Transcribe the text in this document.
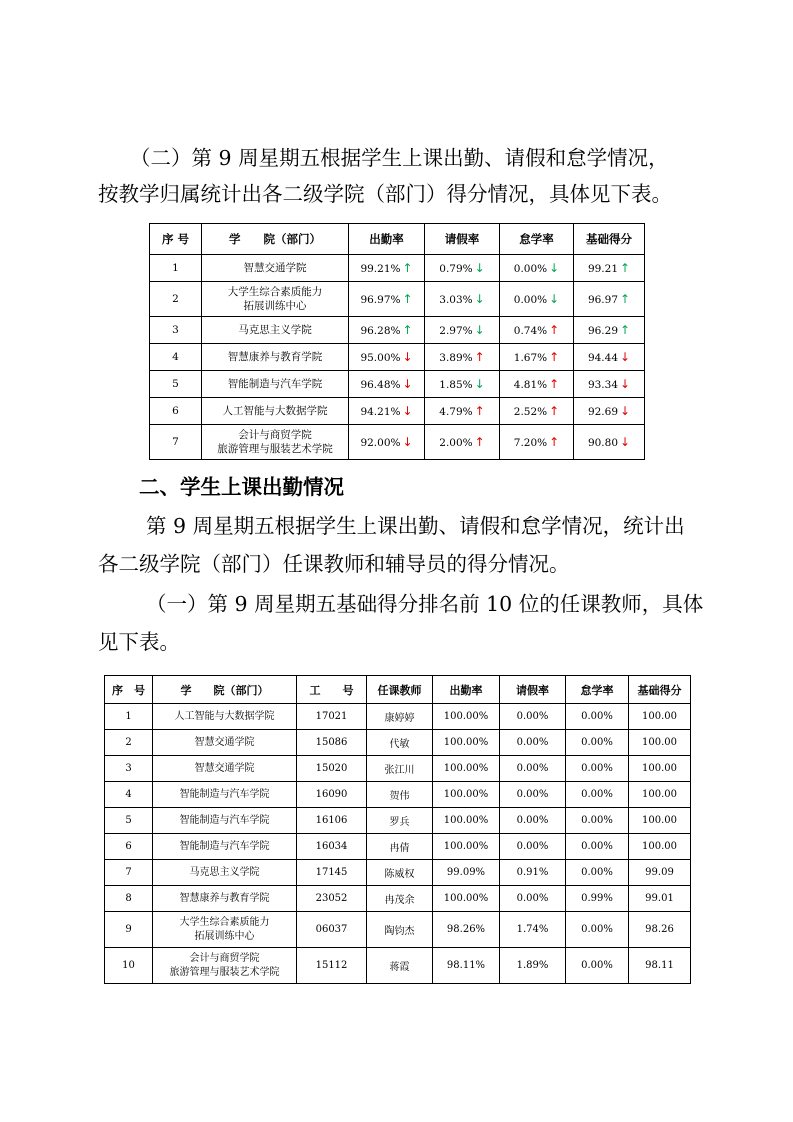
（二）第 9 周星期五根据学生上课出勤、请假和怠学情况，
按教学归属统计出各二级学院（部门）得分情况，具体见下表。
序 号	学　　院（部门）	出勤率	请假率	怠学率	基础得分
1	智慧交通学院	99.21% ↑	0.79% ↓	0.00% ↓	99.21 ↑
2	大学生综合素质能力
拓展训练中心	96.97% ↑	3.03% ↓	0.00% ↓	96.97 ↑
3	马克思主义学院	96.28% ↑	2.97% ↓	0.74% ↑	96.29 ↑
4	智慧康养与教育学院	95.00% ↓	3.89% ↑	1.67% ↑	94.44 ↓
5	智能制造与汽车学院	96.48% ↓	1.85% ↓	4.81% ↑	93.34 ↓
6	人工智能与大数据学院	94.21% ↓	4.79% ↑	2.52% ↑	92.69 ↓
7	会计与商贸学院
旅游管理与服装艺术学院	92.00% ↓	2.00% ↑	7.20% ↑	90.80 ↓
二、学生上课出勤情况
第 9 周星期五根据学生上课出勤、请假和怠学情况，统计出
各二级学院（部门）任课教师和辅导员的得分情况。
（一）第 9 周星期五基础得分排名前 10 位的任课教师，具体
见下表。
序　号	学　　院（部门）	工　　号	任课教师	出勤率	请假率	怠学率	基础得分
1	人工智能与大数据学院	17021	康婷婷	100.00%	0.00%	0.00%	100.00
2	智慧交通学院	15086	代敏	100.00%	0.00%	0.00%	100.00
3	智慧交通学院	15020	张江川	100.00%	0.00%	0.00%	100.00
4	智能制造与汽车学院	16090	贺伟	100.00%	0.00%	0.00%	100.00
5	智能制造与汽车学院	16106	罗兵	100.00%	0.00%	0.00%	100.00
6	智能制造与汽车学院	16034	冉倩	100.00%	0.00%	0.00%	100.00
7	马克思主义学院	17145	陈威权	99.09%	0.91%	0.00%	99.09
8	智慧康养与教育学院	23052	冉茂余	100.00%	0.00%	0.99%	99.01
9	大学生综合素质能力
拓展训练中心	06037	陶钧杰	98.26%	1.74%	0.00%	98.26
10	会计与商贸学院
旅游管理与服装艺术学院	15112	蒋霞	98.11%	1.89%	0.00%	98.11
